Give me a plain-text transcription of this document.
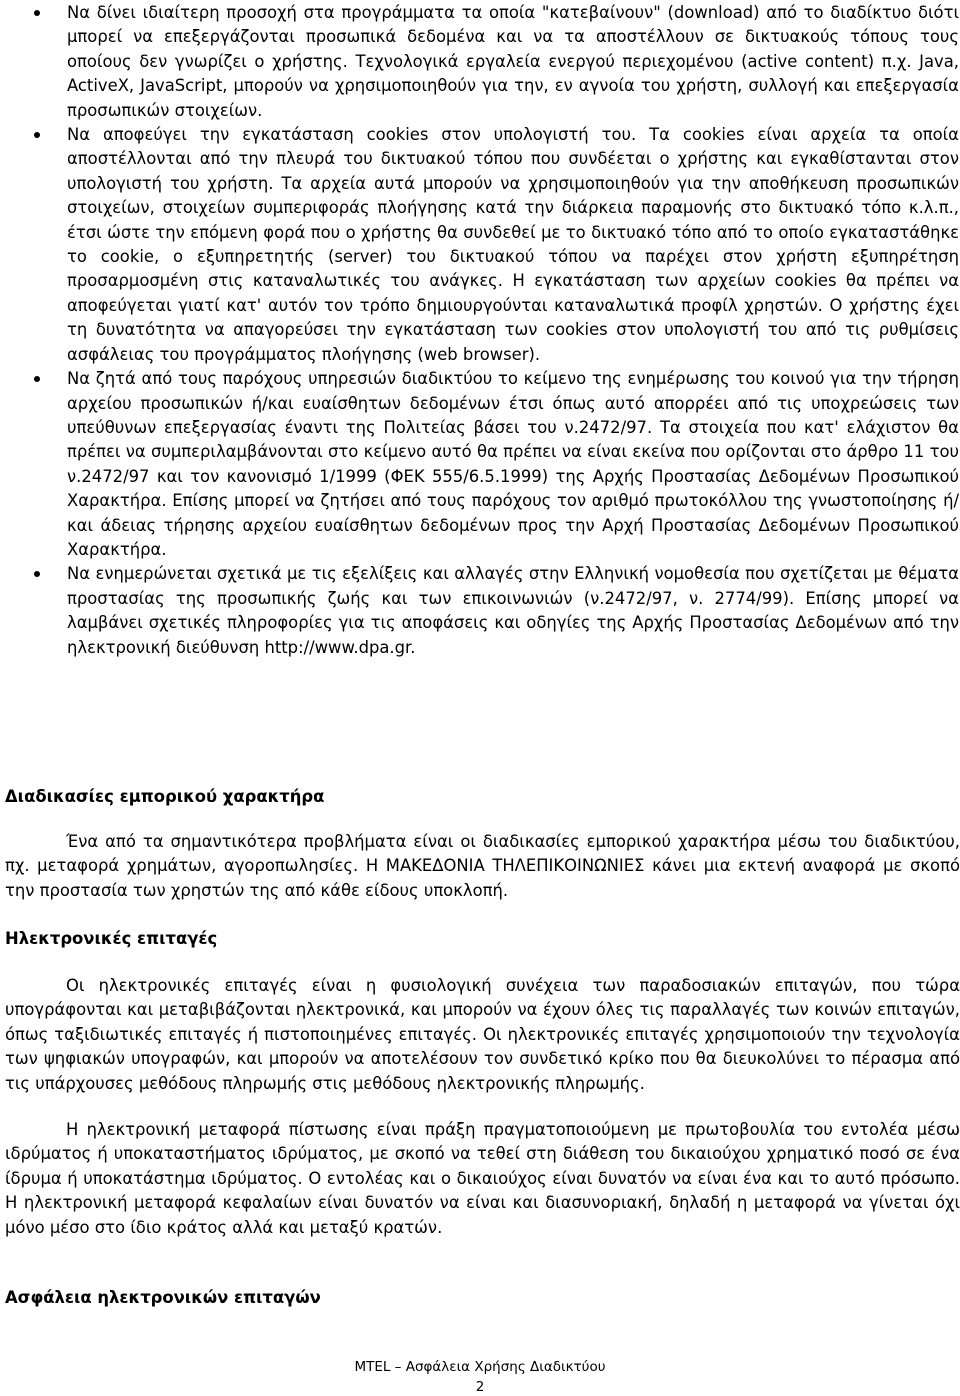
Να δίνει ιδιαίτερη προσοχή στα προγράμματα τα οποία "κατεβαίνουν" (download) από το διαδίκτυο διότι μπορεί να επεξεργάζονται προσωπικά δεδομένα και να τα αποστέλλουν σε δικτυακούς τόπους τους οποίους δεν γνωρίζει ο χρήστης. Τεχνολογικά εργαλεία ενεργού περιεχομένου (active content) π.χ. Java, ActiveX, JavaScript, μπορούν να χρησιμοποιηθούν για την, εν αγνοία του χρήστη, συλλογή και επεξεργασία προσωπικών στοιχείων.
Να αποφεύγει την εγκατάσταση cookies στον υπολογιστή του. Τα cookies είναι αρχεία τα οποία αποστέλλονται από την πλευρά του δικτυακού τόπου που συνδέεται ο χρήστης και εγκαθίστανται στον υπολογιστή του χρήστη. Τα αρχεία αυτά μπορούν να χρησιμοποιηθούν για την αποθήκευση προσωπικών στοιχείων, στοιχείων συμπεριφοράς πλοήγησης κατά την διάρκεια παραμονής στο δικτυακό τόπο κ.λ.π., έτσι ώστε την επόμενη φορά που ο χρήστης θα συνδεθεί με το δικτυακό τόπο από το οποίο εγκαταστάθηκε το cookie, ο εξυπηρετητής (server) του δικτυακού τόπου να παρέχει στον χρήστη εξυπηρέτηση προσαρμοσμένη στις καταναλωτικές του ανάγκες. Η εγκατάσταση των αρχείων cookies θα πρέπει να αποφεύγεται γιατί κατ' αυτόν τον τρόπο δημιουργούνται καταναλωτικά προφίλ χρηστών. Ο χρήστης έχει τη δυνατότητα να απαγορεύσει την εγκατάσταση των cookies στον υπολογιστή του από τις ρυθμίσεις ασφάλειας του προγράμματος πλοήγησης (web browser).
Να ζητά από τους παρόχους υπηρεσιών διαδικτύου το κείμενο της ενημέρωσης του κοινού για την τήρηση αρχείου προσωπικών ή/και ευαίσθητων δεδομένων έτσι όπως αυτό απορρέει από τις υποχρεώσεις των υπεύθυνων επεξεργασίας έναντι της Πολιτείας βάσει του ν.2472/97. Τα στοιχεία που κατ' ελάχιστον θα πρέπει να συμπεριλαμβάνονται στο κείμενο αυτό θα πρέπει να είναι εκείνα που ορίζονται στο άρθρο 11 του ν.2472/97 και τον κανονισμό 1/1999 (ΦΕΚ 555/6.5.1999) της Αρχής Προστασίας Δεδομένων Προσωπικού Χαρακτήρα. Επίσης μπορεί να ζητήσει από τους παρόχους τον αριθμό πρωτοκόλλου της γνωστοποίησης ή/και άδειας τήρησης αρχείου ευαίσθητων δεδομένων προς την Αρχή Προστασίας Δεδομένων Προσωπικού Χαρακτήρα.
Να ενημερώνεται σχετικά με τις εξελίξεις και αλλαγές στην Ελληνική νομοθεσία που σχετίζεται με θέματα προστασίας της προσωπικής ζωής και των επικοινωνιών (ν.2472/97, ν. 2774/99). Επίσης μπορεί να λαμβάνει σχετικές πληροφορίες για τις αποφάσεις και οδηγίες της Αρχής Προστασίας Δεδομένων από την ηλεκτρονική διεύθυνση http://www.dpa.gr.
Διαδικασίες εμπορικού χαρακτήρα

Ένα από τα σημαντικότερα προβλήματα είναι οι διαδικασίες εμπορικού χαρακτήρα μέσω του διαδικτύου, πχ. μεταφορά χρημάτων, αγοροπωλησίες. Η ΜΑΚΕΔΟΝΙΑ ΤΗΛΕΠΙΚΟΙΝΩΝΙΕΣ κάνει μια εκτενή αναφορά με σκοπό την προστασία των χρηστών της από κάθε είδους υποκλοπή.

Ηλεκτρονικές επιταγές

Οι ηλεκτρονικές επιταγές είναι η φυσιολογική συνέχεια των παραδοσιακών επιταγών, που τώρα υπογράφονται και μεταβιβάζονται ηλεκτρονικά, και μπορούν να έχουν όλες τις παραλλαγές των κοινών επιταγών, όπως ταξιδιωτικές επιταγές ή πιστοποιημένες επιταγές. Οι ηλεκτρονικές επιταγές χρησιμοποιούν την τεχνολογία των ψηφιακών υπογραφών, και μπορούν να αποτελέσουν τον συνδετικό κρίκο που θα διευκολύνει το πέρασμα από τις υπάρχουσες μεθόδους πληρωμής στις μεθόδους ηλεκτρονικής πληρωμής.

Η ηλεκτρονική μεταφορά πίστωσης είναι πράξη πραγματοποιούμενη με πρωτοβουλία του εντολέα μέσω ιδρύματος ή υποκαταστήματος ιδρύματος, με σκοπό να τεθεί στη διάθεση του δικαιούχου χρηματικό ποσό σε ένα ίδρυμα ή υποκατάστημα ιδρύματος. Ο εντολέας και ο δικαιούχος είναι δυνατόν να είναι ένα και το αυτό πρόσωπο. Η ηλεκτρονική μεταφορά κεφαλαίων είναι δυνατόν να είναι και διασυνοριακή, δηλαδή η μεταφορά να γίνεται όχι μόνο μέσο στο ίδιο κράτος αλλά και μεταξύ κρατών.

Ασφάλεια ηλεκτρονικών επιταγών
MTEL – Ασφάλεια Χρήσης Διαδικτύου
2
